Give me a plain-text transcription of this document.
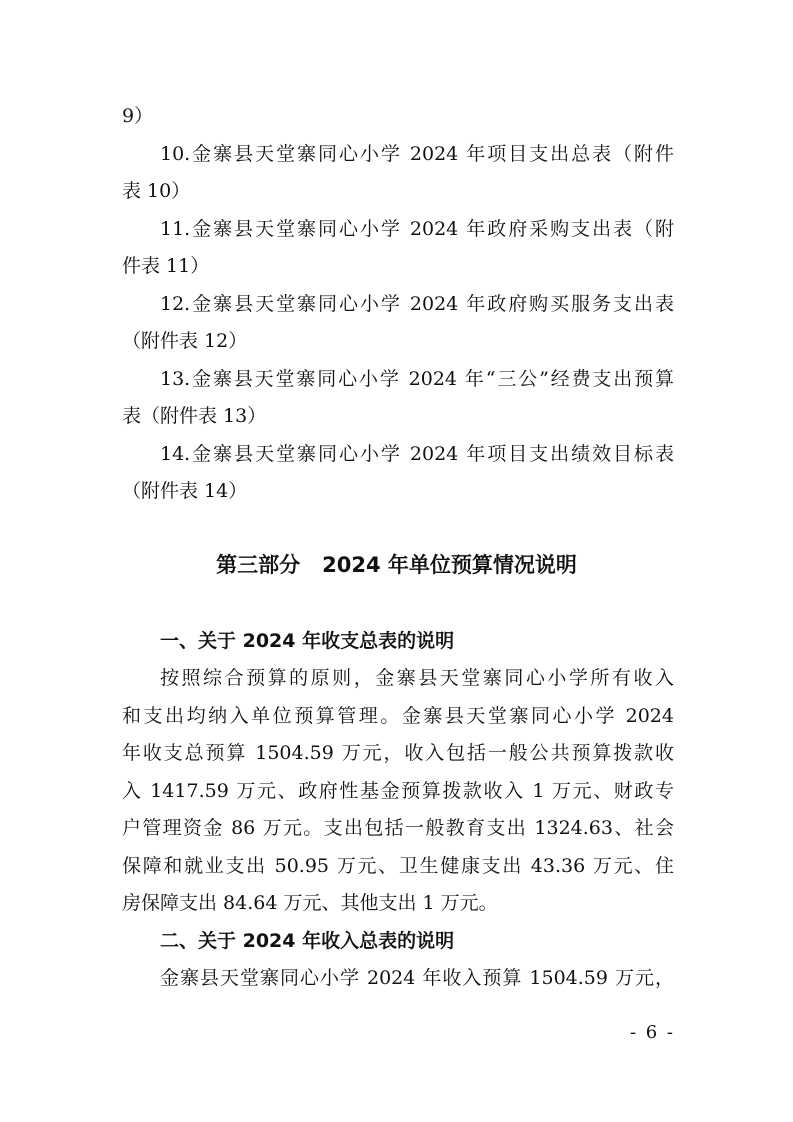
9）
10.金寨县天堂寨同心小学 2024 年项目支出总表（附件
表 10）
11.金寨县天堂寨同心小学 2024 年政府采购支出表（附
件表 11）
12.金寨县天堂寨同心小学 2024 年政府购买服务支出表
（附件表 12）
13.金寨县天堂寨同心小学 2024 年“三公”经费支出预算
表（附件表 13）
14.金寨县天堂寨同心小学 2024 年项目支出绩效目标表
（附件表 14）
第三部分 2024 年单位预算情况说明
一、关于 2024 年收支总表的说明
按照综合预算的原则，金寨县天堂寨同心小学所有收入
和支出均纳入单位预算管理。金寨县天堂寨同心小学 2024
年收支总预算 1504.59 万元，收入包括一般公共预算拨款收
入 1417.59 万元、政府性基金预算拨款收入 1 万元、财政专
户管理资金 86 万元。支出包括一般教育支出 1324.63、社会
保障和就业支出 50.95 万元、卫生健康支出 43.36 万元、住
房保障支出 84.64 万元、其他支出 1 万元。
二、关于 2024 年收入总表的说明
金寨县天堂寨同心小学 2024 年收入预算 1504.59 万元，
- 6 -
